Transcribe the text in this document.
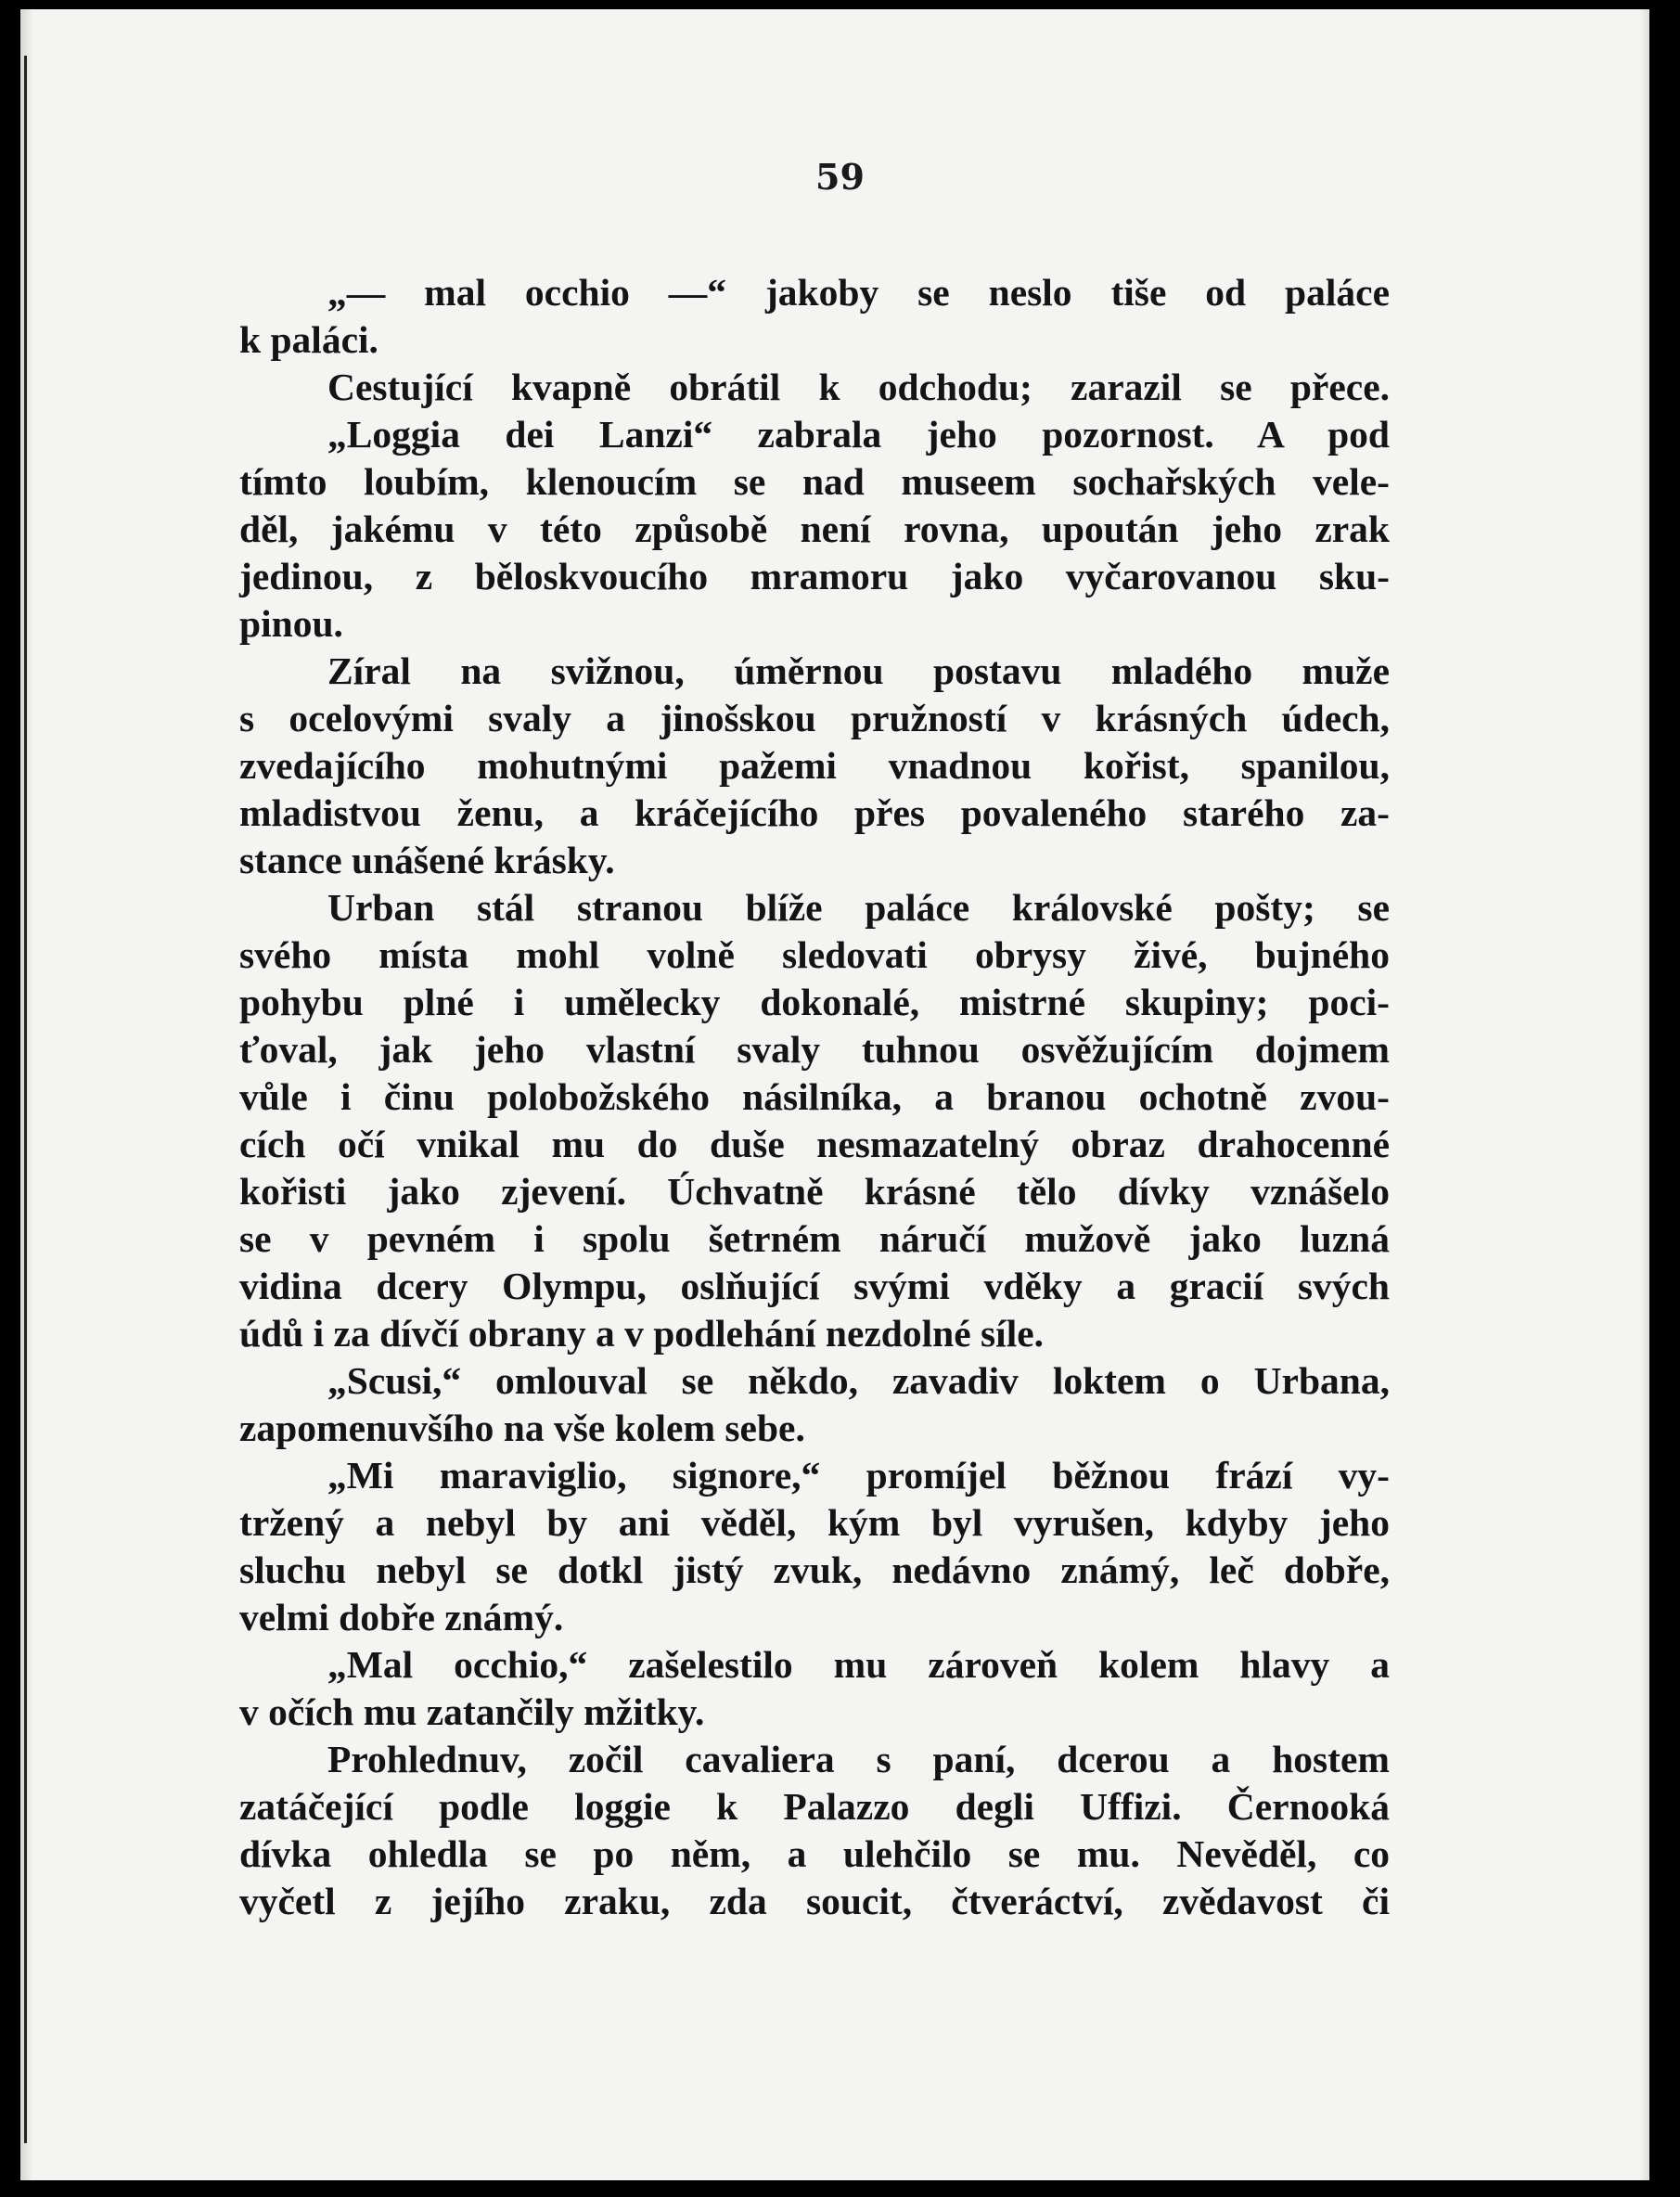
59
„— mal occhio —“ jakoby se neslo tiše od paláce
k paláci.
Cestující kvapně obrátil k odchodu; zarazil se přece.
„Loggia dei Lanzi“ zabrala jeho pozornost. A pod
tímto loubím, klenoucím se nad museem sochařských vele-
děl, jakému v této způsobě není rovna, upoután jeho zrak
jedinou, z běloskvoucího mramoru jako vyčarovanou sku-
pinou.
Zíral na svižnou, úměrnou postavu mladého muže
s ocelovými svaly a jinošskou pružností v krásných údech,
zvedajícího mohutnými pažemi vnadnou kořist, spanilou,
mladistvou ženu, a kráčejícího přes povaleného starého za-
stance unášené krásky.
Urban stál stranou blíže paláce královské pošty; se
svého místa mohl volně sledovati obrysy živé, bujného
pohybu plné i umělecky dokonalé, mistrné skupiny; poci-
ťoval, jak jeho vlastní svaly tuhnou osvěžujícím dojmem
vůle i činu polobožského násilníka, a branou ochotně zvou-
cích očí vnikal mu do duše nesmazatelný obraz drahocenné
kořisti jako zjevení. Úchvatně krásné tělo dívky vznášelo
se v pevném i spolu šetrném náručí mužově jako luzná
vidina dcery Olympu, oslňující svými vděky a gracií svých
údů i za dívčí obrany a v podlehání nezdolné síle.
„Scusi,“ omlouval se někdo, zavadiv loktem o Urbana,
zapomenuvšího na vše kolem sebe.
„Mi maraviglio, signore,“ promíjel běžnou frází vy-
tržený a nebyl by ani věděl, kým byl vyrušen, kdyby jeho
sluchu nebyl se dotkl jistý zvuk, nedávno známý, leč dobře,
velmi dobře známý.
„Mal occhio,“ zašelestilo mu zároveň kolem hlavy a
v očích mu zatančily mžitky.
Prohlednuv, zočil cavaliera s paní, dcerou a hostem
zatáčející podle loggie k Palazzo degli Uffizi. Černooká
dívka ohledla se po něm, a ulehčilo se mu. Nevěděl, co
vyčetl z jejího zraku, zda soucit, čtveráctví, zvědavost či
